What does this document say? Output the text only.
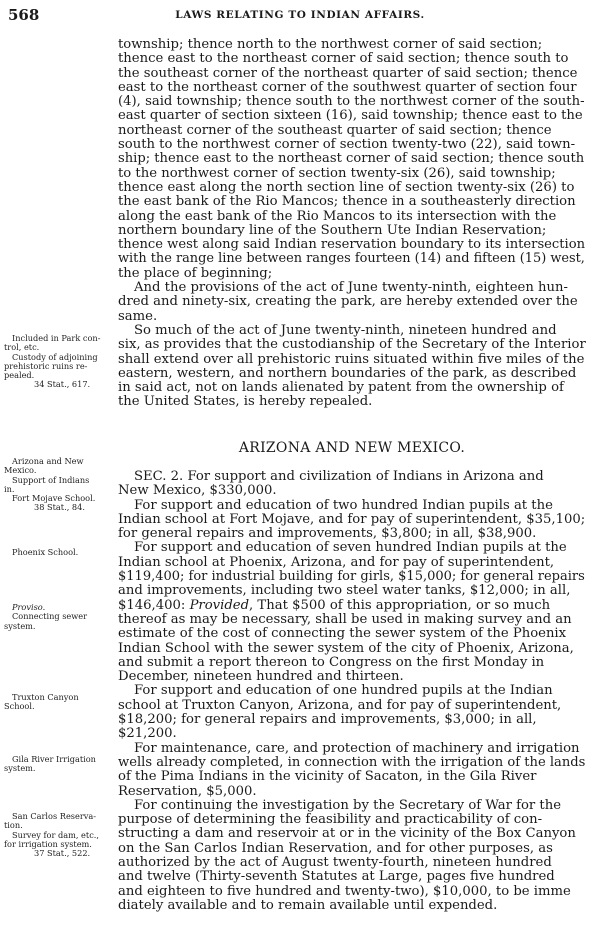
568	LAWS RELATING TO INDIAN AFFAIRS.
township; thence north to the northwest corner of said section;
thence east to the northeast corner of said section; thence south to
the southeast corner of the northeast quarter of said section; thence
east to the northeast corner of the southwest quarter of section four
(4), said township; thence south to the northwest corner of the south-
east quarter of section sixteen (16), said township; thence east to the
northeast corner of the southeast quarter of said section; thence
south to the northwest corner of section twenty-two (22), said town-
ship; thence east to the northeast corner of said section; thence south
to the northwest corner of section twenty-six (26), said township;
thence east along the north section line of section twenty-six (26) to
the east bank of the Rio Mancos; thence in a southeasterly direction
along the east bank of the Rio Mancos to its intersection with the
northern boundary line of the Southern Ute Indian Reservation;
thence west along said Indian reservation boundary to its intersection
with the range line between ranges fourteen (14) and fifteen (15) west,
the place of beginning;
And the provisions of the act of June twenty-ninth, eighteen hun-
dred and ninety-six, creating the park, are hereby extended over the
same.
So much of the act of June twenty-ninth, nineteen hundred and
six, as provides that the custodianship of the Secretary of the Interior
shall extend over all prehistoric ruins situated within five miles of the
eastern, western, and northern boundaries of the park, as described
in said act, not on lands alienated by patent from the ownership of
the United States, is hereby repealed.
ARIZONA AND NEW MEXICO.
SEC. 2. For support and civilization of Indians in Arizona and
New Mexico, $330,000.
For support and education of two hundred Indian pupils at the
Indian school at Fort Mojave, and for pay of superintendent, $35,100;
for general repairs and improvements, $3,800; in all, $38,900.
For support and education of seven hundred Indian pupils at the
Indian school at Phoenix, Arizona, and for pay of superintendent,
$119,400; for industrial building for girls, $15,000; for general repairs
and improvements, including two steel water tanks, $12,000; in all,
$146,400: Provided, That $500 of this appropriation, or so much
thereof as may be necessary, shall be used in making survey and an
estimate of the cost of connecting the sewer system of the Phoenix
Indian School with the sewer system of the city of Phoenix, Arizona,
and submit a report thereon to Congress on the first Monday in
December, nineteen hundred and thirteen.
For support and education of one hundred pupils at the Indian
school at Truxton Canyon, Arizona, and for pay of superintendent,
$18,200; for general repairs and improvements, $3,000; in all,
$21,200.
For maintenance, care, and protection of machinery and irrigation
wells already completed, in connection with the irrigation of the lands
of the Pima Indians in the vicinity of Sacaton, in the Gila River
Reservation, $5,000.
For continuing the investigation by the Secretary of War for the
purpose of determining the feasibility and practicability of con-
structing a dam and reservoir at or in the vicinity of the Box Canyon
on the San Carlos Indian Reservation, and for other purposes, as
authorized by the act of August twenty-fourth, nineteen hundred
and twelve (Thirty-seventh Statutes at Large, pages five hundred
and eighteen to five hundred and twenty-two), $10,000, to be imme
diately available and to remain available until expended.
Included in Park con-
trol, etc.
Custody of adjoining
prehistoric ruins re-
pealed.
34 Stat., 617.
Arizona and New
Mexico.
Support of Indians
in.
Fort Mojave School.
38 Stat., 84.
Phoenix School.
Proviso.
Connecting sewer
system.
Truxton Canyon
School.
Gila River Irrigation
system.
San Carlos Reserva-
tion.
Survey for dam, etc.,
for irrigation system.
37 Stat., 522.
